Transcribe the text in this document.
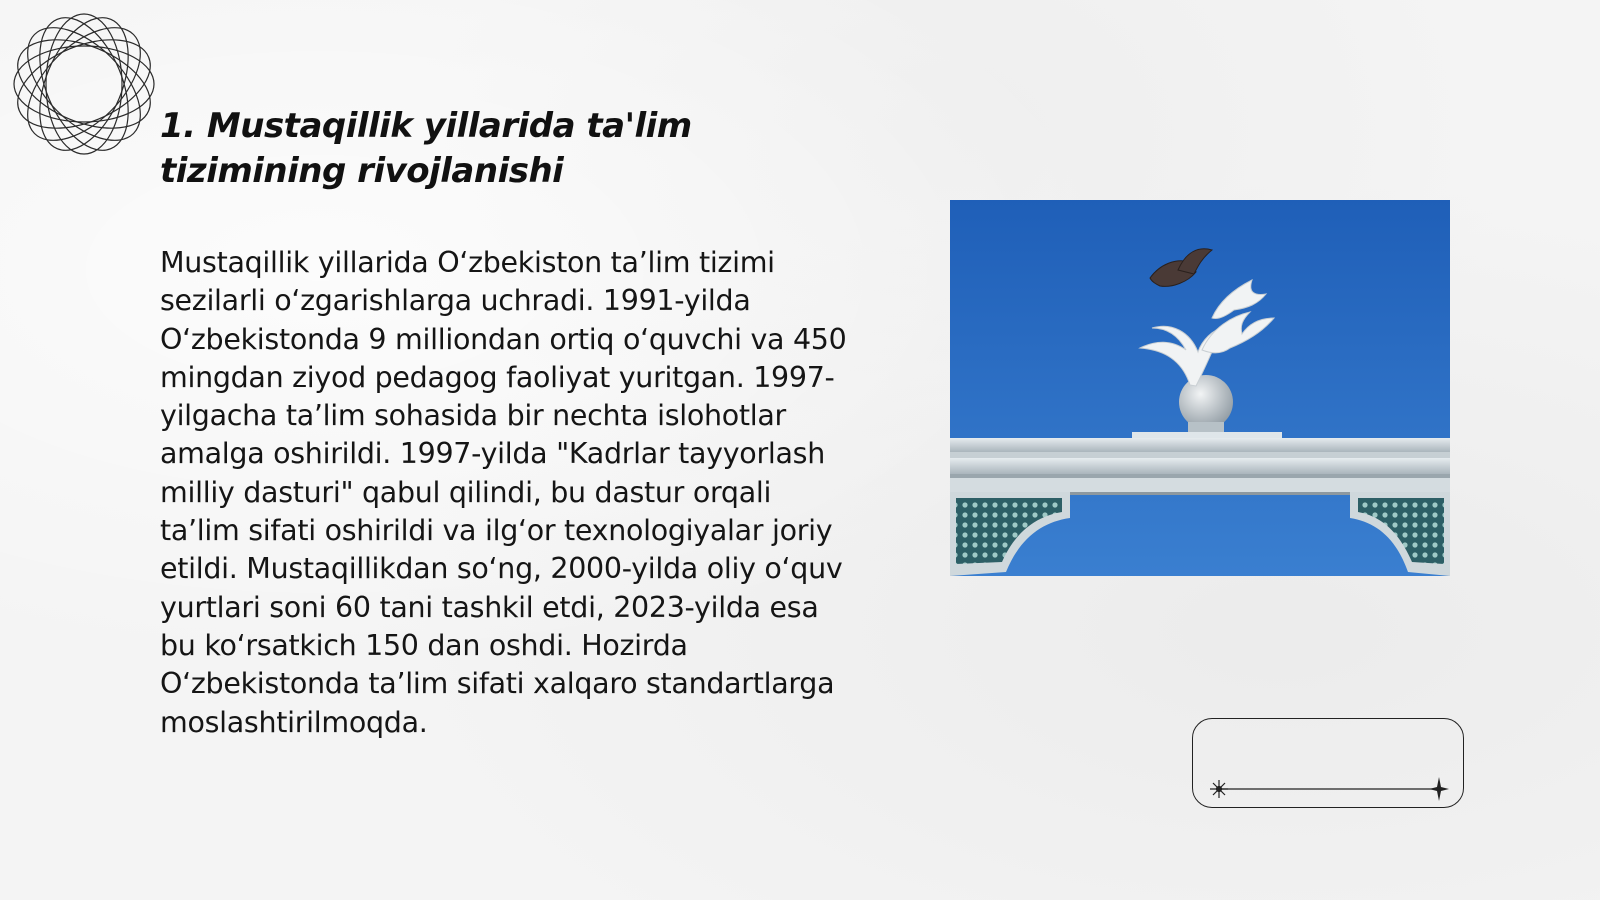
1. Mustaqillik yillarida ta'lim tizimining rivojlanishi

Mustaqillik yillarida O‘zbekiston ta’lim tizimi sezilarli o‘zgarishlarga uchradi. 1991-yilda O‘zbekistonda 9 milliondan ortiq o‘quvchi va 450 mingdan ziyod pedagog faoliyat yuritgan. 1997-yilgacha ta’lim sohasida bir nechta islohotlar amalga oshirildi. 1997-yilda "Kadrlar tayyorlash milliy dasturi" qabul qilindi, bu dastur orqali ta’lim sifati oshirildi va ilg‘or texnologiyalar joriy etildi. Mustaqillikdan so‘ng, 2000-yilda oliy o‘quv yurtlari soni 60 tani tashkil etdi, 2023-yilda esa bu ko‘rsatkich 150 dan oshdi. Hozirda O‘zbekistonda ta’lim sifati xalqaro standartlarga moslashtirilmoqda.
